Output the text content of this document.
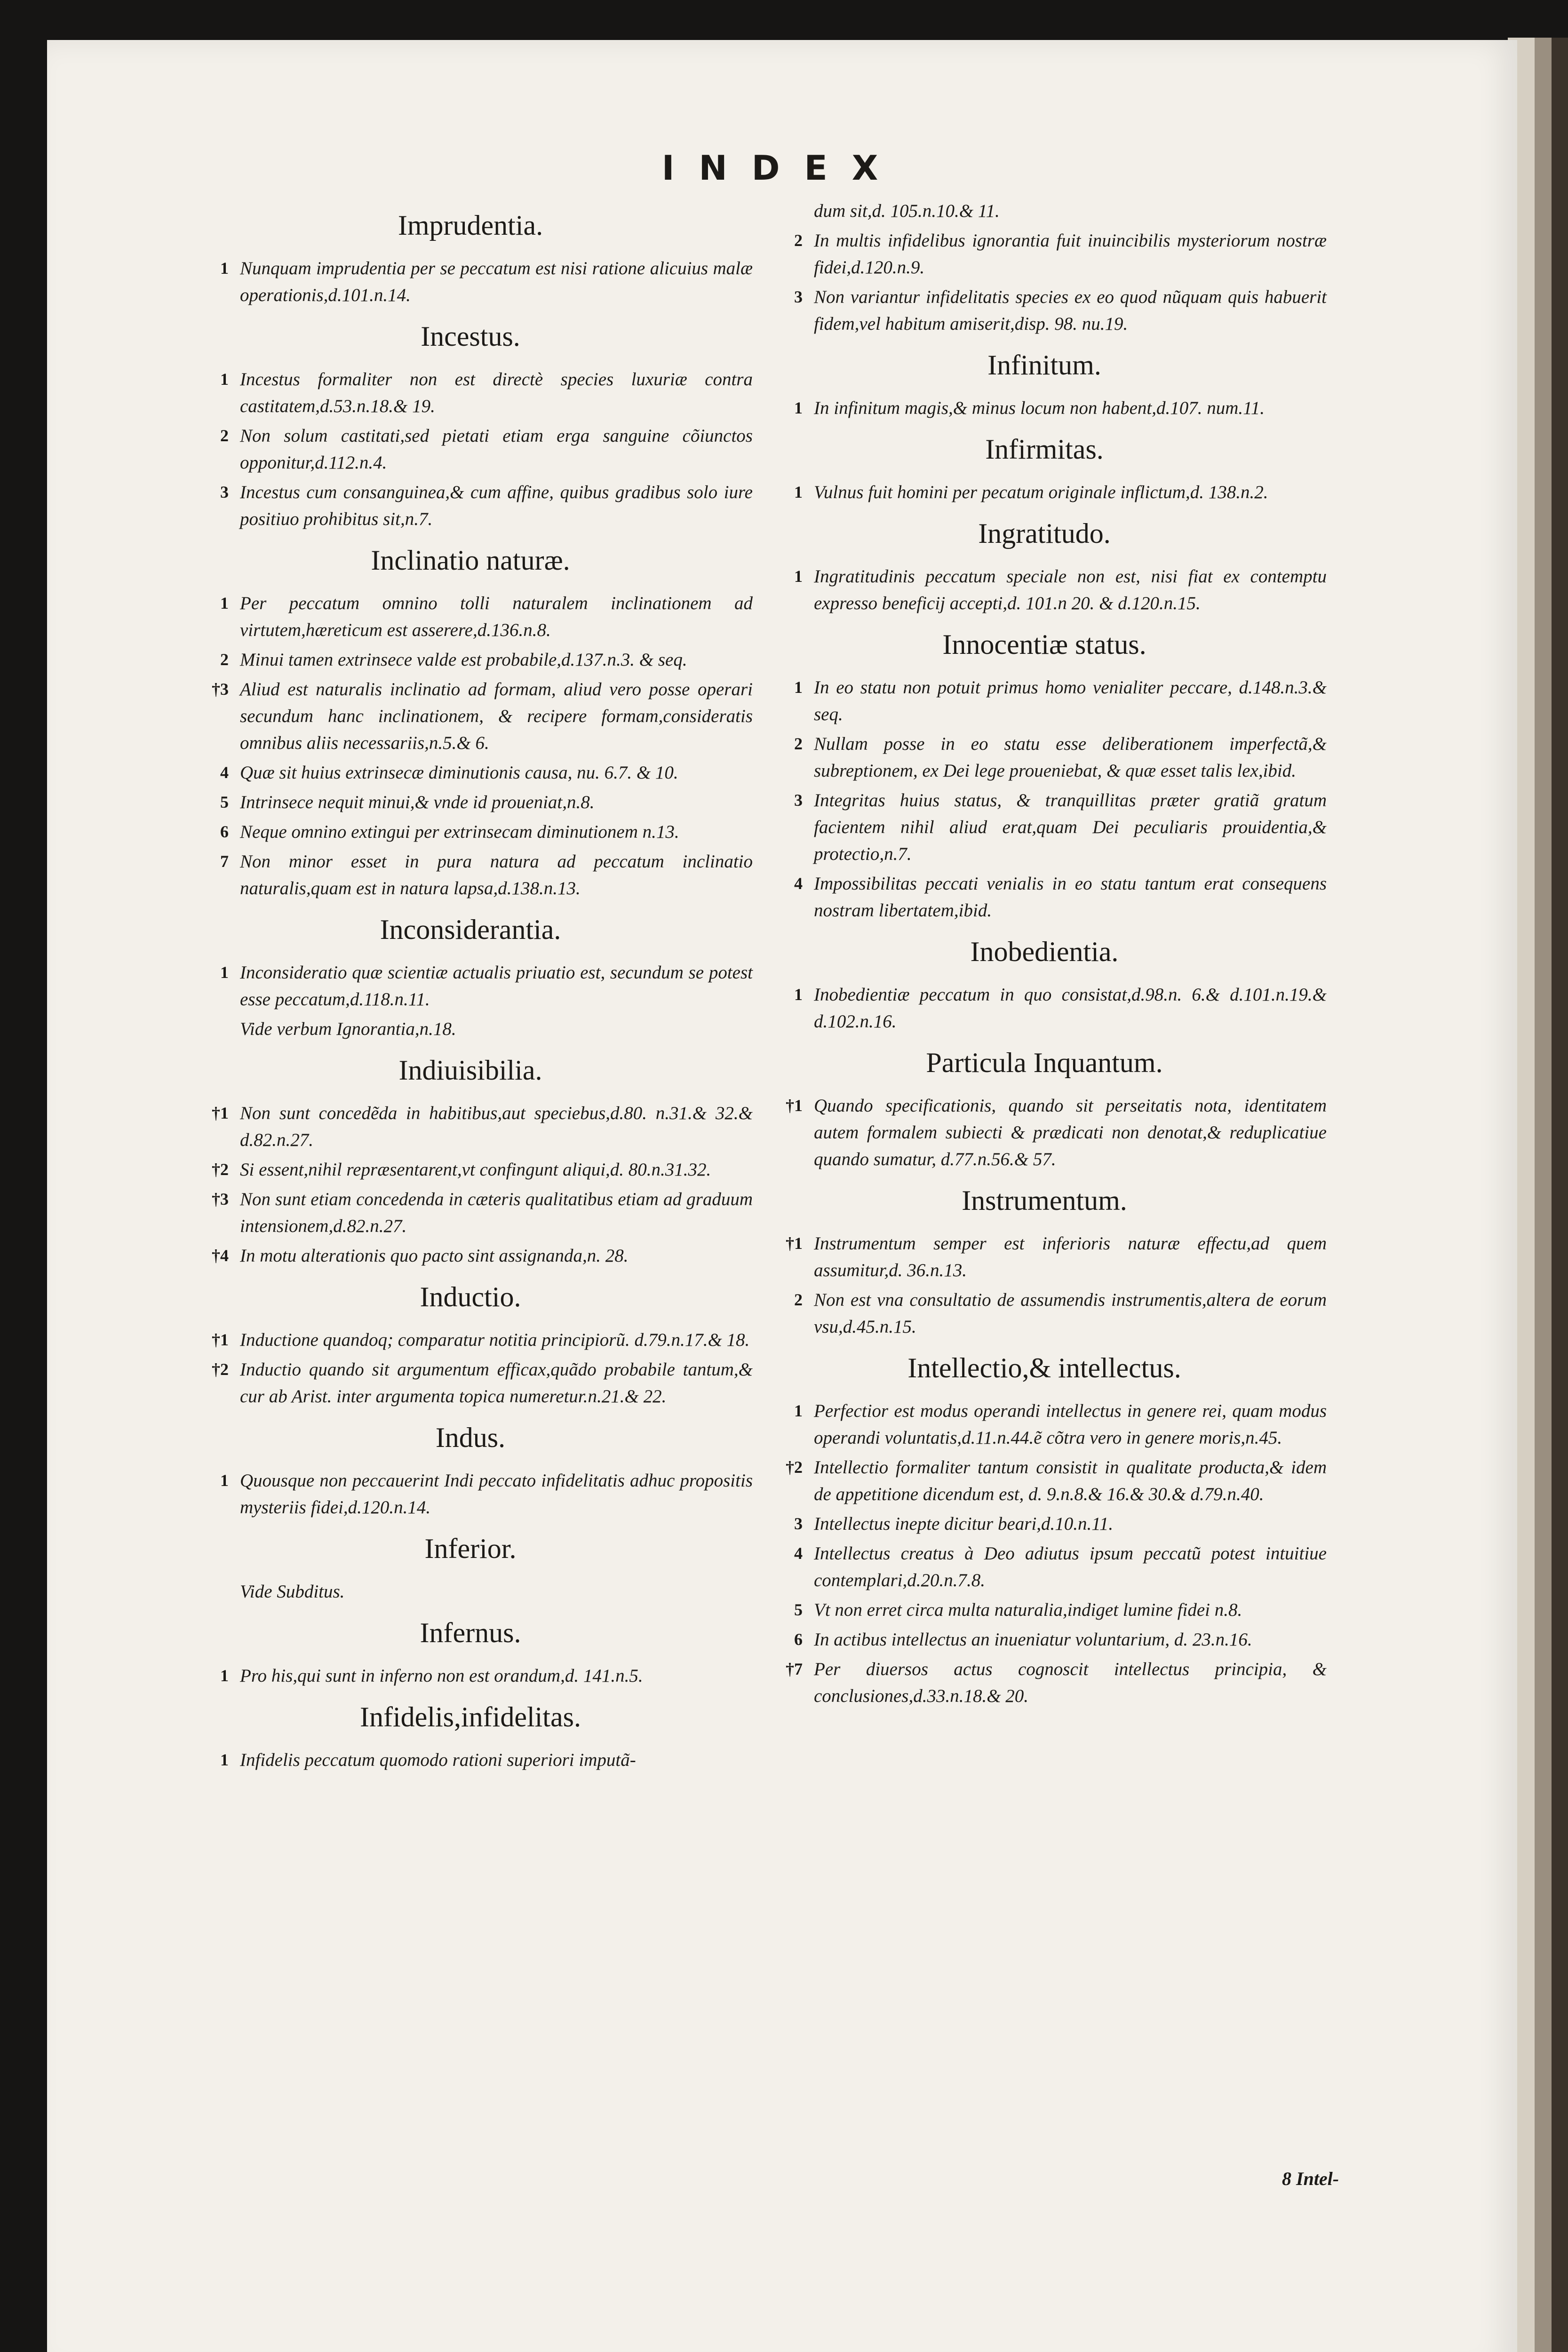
INDEX
Imprudentia.
1 Nunquam imprudentia per se peccatum est nisi ratione alicuius malæ operationis,d.101.n.14.
Incestus.
1 Incestus formaliter non est directè species luxuriæ contra castitatem,d.53.n.18.& 19.
2 Non solum castitati,sed pietati etiam erga sanguine cõiunctos opponitur,d.112.n.4.
3 Incestus cum consanguinea,& cum affine, quibus gradibus solo iure positiuo prohibitus sit,n.7.
Inclinatio naturæ.
1 Per peccatum omnino tolli naturalem inclinationem ad virtutem,hæreticum est asserere,d.136.n.8.
2 Minui tamen extrinsece valde est probabile,d.137.n.3. & seq.
†3 Aliud est naturalis inclinatio ad formam, aliud vero posse operari secundum hanc inclinationem, & recipere formam,consideratis omnibus aliis necessariis,n.5.& 6.
4 Quæ sit huius extrinsecæ diminutionis causa, nu. 6.7. & 10.
5 Intrinsece nequit minui,& vnde id proueniat,n.8.
6 Neque omnino extingui per extrinsecam diminutionem n.13.
7 Non minor esset in pura natura ad peccatum inclinatio naturalis,quam est in natura lapsa,d.138.n.13.
Inconsiderantia.
1 Inconsideratio quæ scientiæ actualis priuatio est, secundum se potest esse peccatum,d.118.n.11.
Vide verbum Ignorantia,n.18.
Indiuisibilia.
†1 Non sunt concedẽda in habitibus,aut speciebus,d.80. n.31.& 32.& d.82.n.27.
†2 Si essent,nihil repræsentarent,vt confingunt aliqui,d. 80.n.31.32.
†3 Non sunt etiam concedenda in cæteris qualitatibus etiam ad graduum intensionem,d.82.n.27.
†4 In motu alterationis quo pacto sint assignanda,n. 28.
Inductio.
†1 Inductione quandoq; comparatur notitia principiorũ. d.79.n.17.& 18.
†2 Inductio quando sit argumentum efficax,quãdo probabile tantum,& cur ab Arist. inter argumenta topica numeretur.n.21.& 22.
Indus.
1 Quousque non peccauerint Indi peccato infidelitatis adhuc propositis mysteriis fidei,d.120.n.14.
Inferior.
Vide Subditus.
Infernus.
1 Pro his,qui sunt in inferno non est orandum,d. 141.n.5.
Infidelis,infidelitas.
1 Infidelis peccatum quomodo rationi superiori imputã-
dum sit,d. 105.n.10.& 11.
2 In multis infidelibus ignorantia fuit inuincibilis mysteriorum nostræ fidei,d.120.n.9.
3 Non variantur infidelitatis species ex eo quod nũquam quis habuerit fidem,vel habitum amiserit,disp. 98. nu.19.
Infinitum.
1 In infinitum magis,& minus locum non habent,d.107. num.11.
Infirmitas.
1 Vulnus fuit homini per pecatum originale inflictum,d. 138.n.2.
Ingratitudo.
1 Ingratitudinis peccatum speciale non est, nisi fiat ex contemptu expresso beneficij accepti,d. 101.n 20. & d.120.n.15.
Innocentiæ status.
1 In eo statu non potuit primus homo venialiter peccare, d.148.n.3.& seq.
2 Nullam posse in eo statu esse deliberationem imperfectã,& subreptionem, ex Dei lege proueniebat, & quæ esset talis lex,ibid.
3 Integritas huius status, & tranquillitas præter gratiã gratum facientem nihil aliud erat,quam Dei peculiaris prouidentia,& protectio,n.7.
4 Impossibilitas peccati venialis in eo statu tantum erat consequens nostram libertatem,ibid.
Inobedientia.
1 Inobedientiæ peccatum in quo consistat,d.98.n. 6.& d.101.n.19.& d.102.n.16.
Particula Inquantum.
†1 Quando specificationis, quando sit perseitatis nota, identitatem autem formalem subiecti & prædicati non denotat,& reduplicatiue quando sumatur, d.77.n.56.& 57.
Instrumentum.
†1 Instrumentum semper est inferioris naturæ effectu,ad quem assumitur,d. 36.n.13.
2 Non est vna consultatio de assumendis instrumentis,altera de eorum vsu,d.45.n.15.
Intellectio,& intellectus.
1 Perfectior est modus operandi intellectus in genere rei, quam modus operandi voluntatis,d.11.n.44.ẽ cõtra vero in genere moris,n.45.
†2 Intellectio formaliter tantum consistit in qualitate producta,& idem de appetitione dicendum est, d. 9.n.8.& 16.& 30.& d.79.n.40.
3 Intellectus inepte dicitur beari,d.10.n.11.
4 Intellectus creatus à Deo adiutus ipsum peccatũ potest intuitiue contemplari,d.20.n.7.8.
5 Vt non erret circa multa naturalia,indiget lumine fidei n.8.
6 In actibus intellectus an inueniatur voluntarium, d. 23.n.16.
†7 Per diuersos actus cognoscit intellectus principia, & conclusiones,d.33.n.18.& 20.
8 Intel-
